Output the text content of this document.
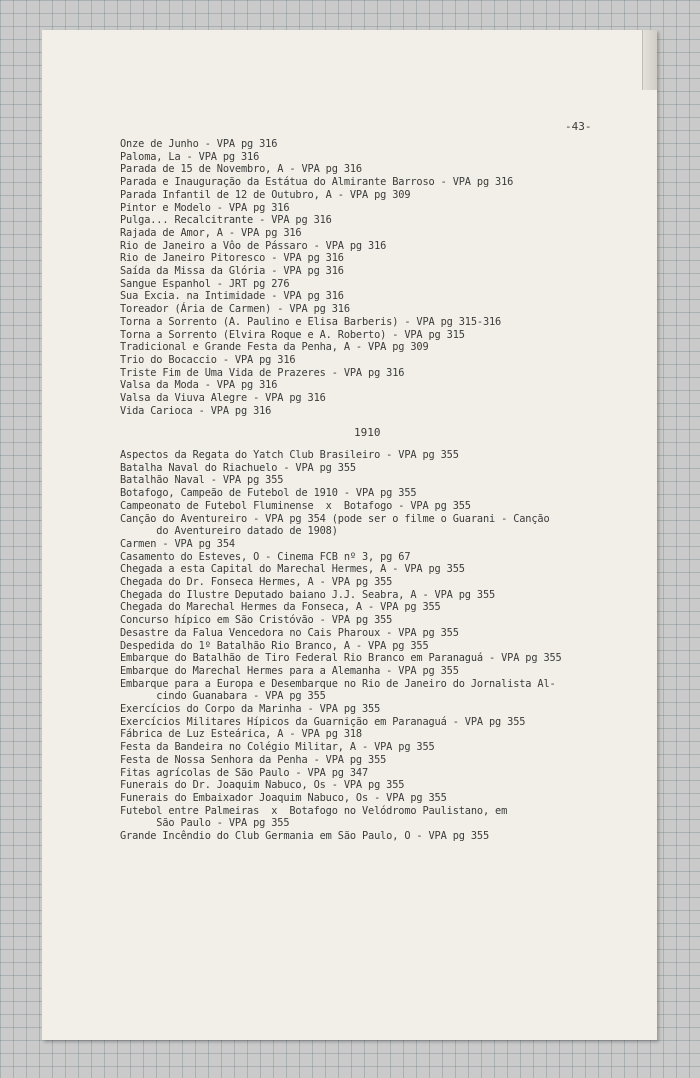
-43-
Onze de Junho - VPA pg 316
Paloma, La - VPA pg 316
Parada de 15 de Novembro, A - VPA pg 316
Parada e Inauguração da Estátua do Almirante Barroso - VPA pg 316
Parada Infantil de 12 de Outubro, A - VPA pg 309
Pintor e Modelo - VPA pg 316
Pulga... Recalcitrante - VPA pg 316
Rajada de Amor, A - VPA pg 316
Rio de Janeiro a Vôo de Pássaro - VPA pg 316
Rio de Janeiro Pitoresco - VPA pg 316
Saída da Missa da Glória - VPA pg 316
Sangue Espanhol - JRT pg 276
Sua Excia. na Intimidade - VPA pg 316
Toreador (Ária de Carmen) - VPA pg 316
Torna a Sorrento (A. Paulino e Elisa Barberis) - VPA pg 315-316
Torna a Sorrento (Elvira Roque e A. Roberto) - VPA pg 315
Tradicional e Grande Festa da Penha, A - VPA pg 309
Trio do Bocaccio - VPA pg 316
Triste Fim de Uma Vida de Prazeres - VPA pg 316
Valsa da Moda - VPA pg 316
Valsa da Viuva Alegre - VPA pg 316
Vida Carioca - VPA pg 316
1910
Aspectos da Regata do Yatch Club Brasileiro - VPA pg 355
Batalha Naval do Riachuelo - VPA pg 355
Batalhão Naval - VPA pg 355
Botafogo, Campeão de Futebol de 1910 - VPA pg 355
Campeonato de Futebol Fluminense  x  Botafogo - VPA pg 355
Canção do Aventureiro - VPA pg 354 (pode ser o filme o Guarani - Canção
do Aventureiro datado de 1908)
Carmen - VPA pg 354
Casamento do Esteves, O - Cinema FCB nº 3, pg 67
Chegada a esta Capital do Marechal Hermes, A - VPA pg 355
Chegada do Dr. Fonseca Hermes, A - VPA pg 355
Chegada do Ilustre Deputado baiano J.J. Seabra, A - VPA pg 355
Chegada do Marechal Hermes da Fonseca, A - VPA pg 355
Concurso hípico em São Cristóvão - VPA pg 355
Desastre da Falua Vencedora no Cais Pharoux - VPA pg 355
Despedida do 1º Batalhão Rio Branco, A - VPA pg 355
Embarque do Batalhão de Tiro Federal Rio Branco em Paranaguá - VPA pg 355
Embarque do Marechal Hermes para a Alemanha - VPA pg 355
Embarque para a Europa e Desembarque no Rio de Janeiro do Jornalista Al-
cindo Guanabara - VPA pg 355
Exercícios do Corpo da Marinha - VPA pg 355
Exercícios Militares Hípicos da Guarnição em Paranaguá - VPA pg 355
Fábrica de Luz Esteárica, A - VPA pg 318
Festa da Bandeira no Colégio Militar, A - VPA pg 355
Festa de Nossa Senhora da Penha - VPA pg 355
Fitas agrícolas de São Paulo - VPA pg 347
Funerais do Dr. Joaquim Nabuco, Os - VPA pg 355
Funerais do Embaixador Joaquim Nabuco, Os - VPA pg 355
Futebol entre Palmeiras  x  Botafogo no Velódromo Paulistano, em
São Paulo - VPA pg 355
Grande Incêndio do Club Germania em São Paulo, O - VPA pg 355
